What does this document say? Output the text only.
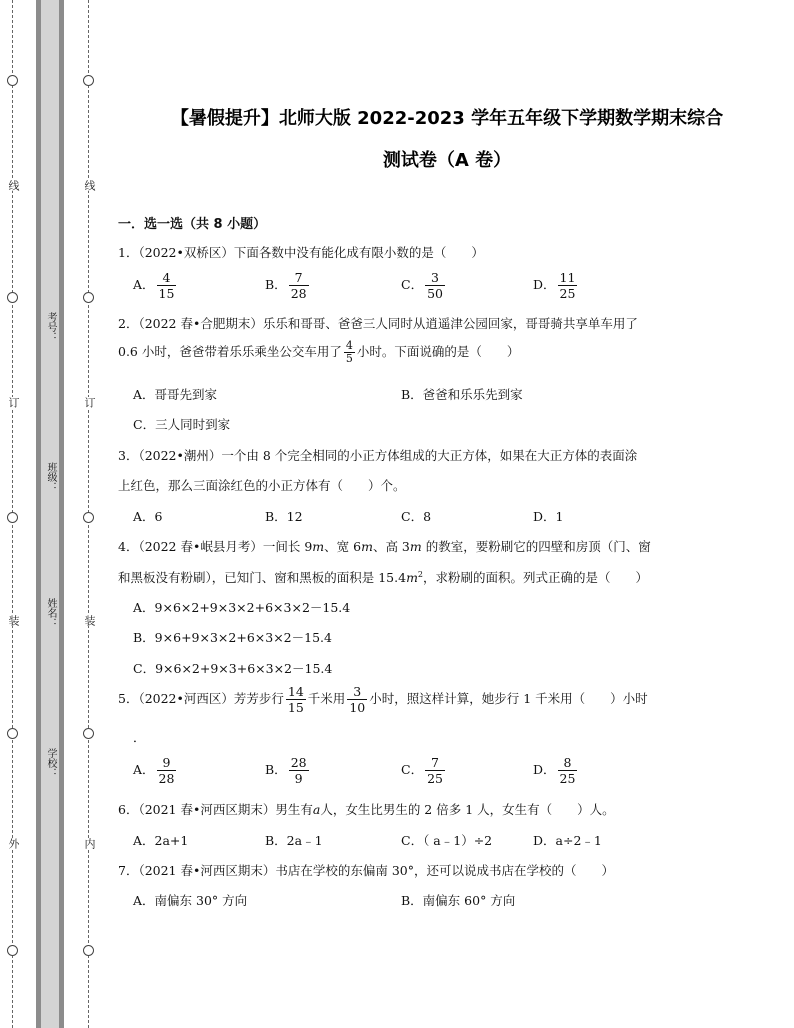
线
订
装
外
线
订
装
内
考号：
班级：
姓名：
学校：
【暑假提升】北师大版 2022-2023 学年五年级下学期数学期末综合
测试卷（A 卷）
一．选一选（共 8 小题）
1．（2022•双桥区）下面各数中没有能化成有限小数的是（　　）
A． $\frac{4}{15}$	B． $\frac{7}{28}$	C． $\frac{3}{50}$	D． $\frac{11}{25}$
2．（2022 春•合肥期末）乐乐和哥哥、爸爸三人同时从逍遥津公园回家，哥哥骑共享单车用了
0.6 小时，爸爸带着乐乐乘坐公交车用了 $\frac{4}{5}$ 小时。下面说确的是（　　）
A．哥哥先到家	B．爸爸和乐乐先到家
C．三人同时到家
3．（2022•潮州）一个由 8 个完全相同的小正方体组成的大正方体，如果在大正方体的表面涂
上红色，那么三面涂红色的小正方体有（　　）个。
A．6	B．12	C．8	D．1
4．（2022 春•岷县月考）一间长 9m、宽 6m、高 3m 的教室，要粉刷它的四壁和房顶（门、窗
和黑板没有粉刷），已知门、窗和黑板的面积是 $15.4m^2$，求粉刷的面积。列式正确的是（　　）
A．9×6×2+9×3×2+6×3×2－15.4
B．9×6+9×3×2+6×3×2－15.4
C．9×6×2+9×3+6×3×2－15.4
5．（2022•河西区）芳芳步行 $\frac{14}{15}$ 千米用 $\frac{3}{10}$ 小时，照这样计算，她步行 1 千米用（　　）小时
．
A． $\frac{9}{28}$	B． $\frac{28}{9}$	C． $\frac{7}{25}$	D． $\frac{8}{25}$
6．（2021 春•河西区期末）男生有a人，女生比男生的 2 倍多 1 人，女生有（　　）人。
A．2a+1	B．2a﹣1	C．（ a﹣1）÷2	D．a÷2﹣1
7．（2021 春•河西区期末）书店在学校的东偏南 30°，还可以说成书店在学校的（　　）
A．南偏东 30° 方向	B．南偏东 60° 方向
